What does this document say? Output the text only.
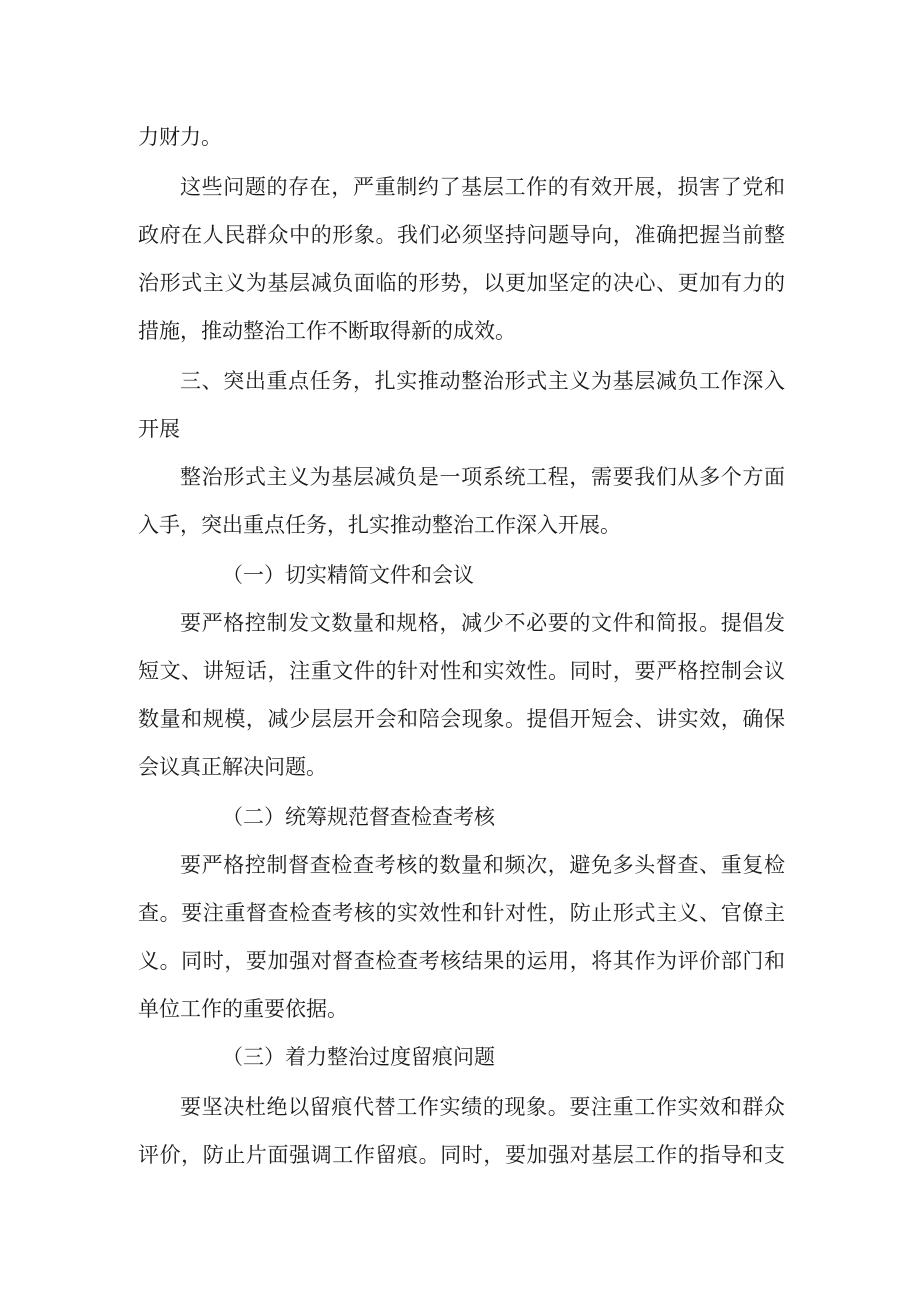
力财力。
这些问题的存在，严重制约了基层工作的有效开展，损害了党和
政府在人民群众中的形象。我们必须坚持问题导向，准确把握当前整
治形式主义为基层减负面临的形势，以更加坚定的决心、更加有力的
措施，推动整治工作不断取得新的成效。
三、突出重点任务，扎实推动整治形式主义为基层减负工作深入
开展
整治形式主义为基层减负是一项系统工程，需要我们从多个方面
入手，突出重点任务，扎实推动整治工作深入开展。
（一）切实精简文件和会议
要严格控制发文数量和规格，减少不必要的文件和简报。提倡发
短文、讲短话，注重文件的针对性和实效性。同时，要严格控制会议
数量和规模，减少层层开会和陪会现象。提倡开短会、讲实效，确保
会议真正解决问题。
（二）统筹规范督查检查考核
要严格控制督查检查考核的数量和频次，避免多头督查、重复检
查。要注重督查检查考核的实效性和针对性，防止形式主义、官僚主
义。同时，要加强对督查检查考核结果的运用，将其作为评价部门和
单位工作的重要依据。
（三）着力整治过度留痕问题
要坚决杜绝以留痕代替工作实绩的现象。要注重工作实效和群众
评价，防止片面强调工作留痕。同时，要加强对基层工作的指导和支
